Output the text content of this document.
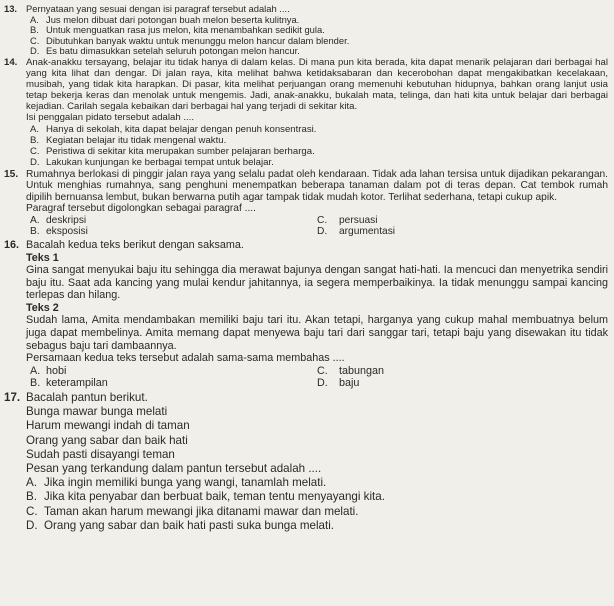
13. Pernyataan yang sesuai dengan isi paragraf tersebut adalah ....
A. Jus melon dibuat dari potongan buah melon beserta kulitnya.
B. Untuk menguatkan rasa jus melon, kita menambahkan sedikit gula.
C. Dibutuhkan banyak waktu untuk menunggu melon hancur dalam blender.
D. Es batu dimasukkan setelah seluruh potongan melon hancur.
14. Anak-anakku tersayang, belajar itu tidak hanya di dalam kelas. Di mana pun kita berada, kita dapat menarik pelajaran dari berbagai hal yang kita lihat dan dengar. Di jalan raya, kita melihat bahwa ketidaksabaran dan kecerobohan dapat mengakibatkan kecelakaan, musibah, yang tidak kita harapkan. Di pasar, kita melihat perjuangan orang memenuhi kebutuhan hidupnya, bahkan orang lanjut usia tetap bekerja keras dan menolak untuk mengemis. Jadi, anak-anakku, bukalah mata, telinga, dan hati kita untuk belajar dari berbagai kejadian. Carilah segala kebaikan dari berbagai hal yang terjadi di sekitar kita.
Isi penggalan pidato tersebut adalah ....
A. Hanya di sekolah, kita dapat belajar dengan penuh konsentrasi.
B. Kegiatan belajar itu tidak mengenal waktu.
C. Peristiwa di sekitar kita merupakan sumber pelajaran berharga.
D. Lakukan kunjungan ke berbagai tempat untuk belajar.
15. Rumahnya berlokasi di pinggir jalan raya yang selalu padat oleh kendaraan. Tidak ada lahan tersisa untuk dijadikan pekarangan. Untuk menghias rumahnya, sang penghuni menempatkan beberapa tanaman dalam pot di teras depan. Cat tembok rumah dipilih bernuansa lembut, bukan berwarna putih agar tampak tidak mudah kotor. Terlihat sederhana, tetapi cukup apik.
Paragraf tersebut digolongkan sebagai paragraf ....
A. deskripsi	C.	persuasi
B. eksposisi	D.	argumentasi
16. Bacalah kedua teks berikut dengan saksama.
Teks 1
Gina sangat menyukai baju itu sehingga dia merawat bajunya dengan sangat hati-hati. Ia mencuci dan menyetrika sendiri baju itu. Saat ada kancing yang mulai kendur jahitannya, ia segera memperbaikinya. Ia tidak menunggu sampai kancing terlepas dan hilang.
Teks 2
Sudah lama, Amita mendambakan memiliki baju tari itu. Akan tetapi, harganya yang cukup mahal membuatnya belum juga dapat membelinya. Amita memang dapat menyewa baju tari dari sanggar tari, tetapi baju yang disewakan itu tidak sebagus baju tari dambaannya.
Persamaan kedua teks tersebut adalah sama-sama membahas ....
A. hobi	C.	tabungan
B. keterampilan	D.	baju
17. Bacalah pantun berikut.
Bunga mawar bunga melati
Harum mewangi indah di taman
Orang yang sabar dan baik hati
Sudah pasti disayangi teman
Pesan yang terkandung dalam pantun tersebut adalah ....
A. Jika ingin memiliki bunga yang wangi, tanamlah melati.
B. Jika kita penyabar dan berbuat baik, teman tentu menyayangi kita.
C. Taman akan harum mewangi jika ditanami mawar dan melati.
D. Orang yang sabar dan baik hati pasti suka bunga melati.
